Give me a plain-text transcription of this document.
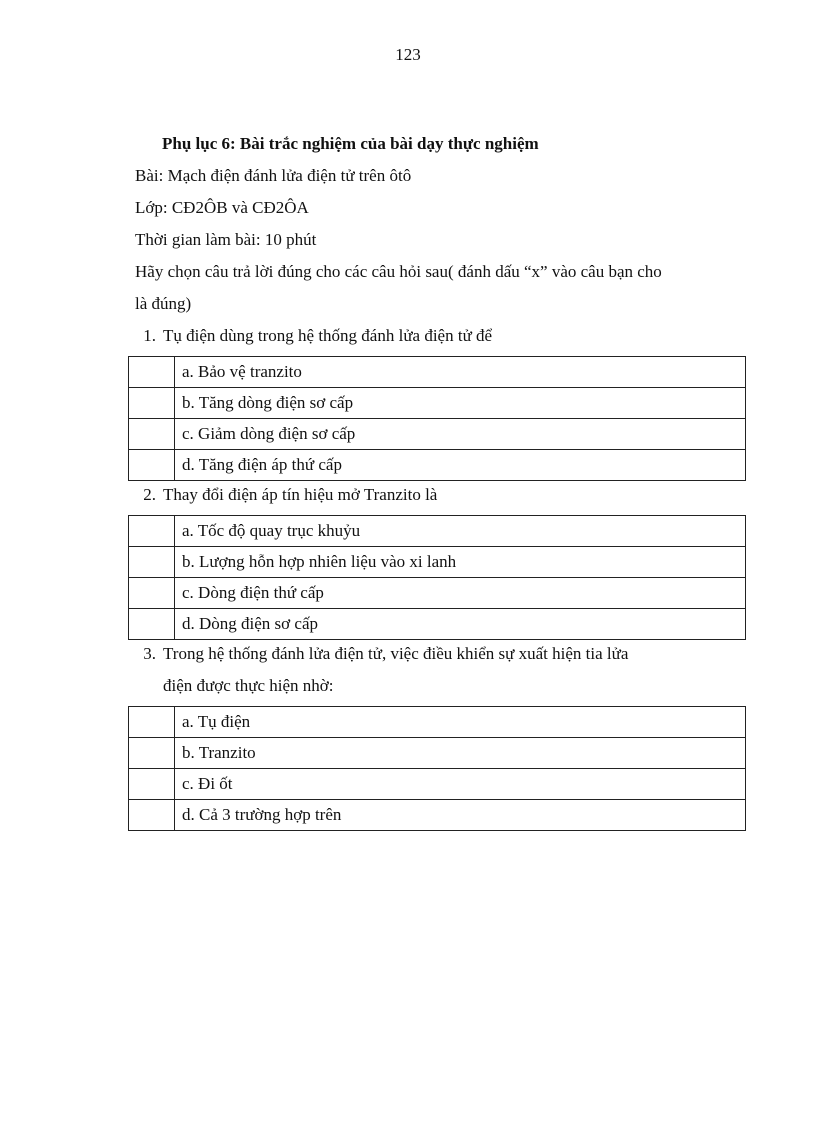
123
Phụ lục 6: Bài trắc nghiệm của bài dạy thực nghiệm
Bài: Mạch điện đánh lửa điện tử trên ôtô
Lớp: CĐ2ÔB và CĐ2ÔA
Thời gian làm bài: 10 phút
Hãy chọn câu trả lời đúng cho các câu hỏi sau( đánh dấu “x” vào câu bạn cho
là đúng)
1. Tụ điện dùng trong hệ thống đánh lửa điện tử để
	a. Bảo vệ tranzito
	b. Tăng dòng điện sơ cấp
	c. Giảm dòng điện sơ cấp
	d. Tăng điện áp thứ cấp
2. Thay đổi điện áp tín hiệu mở Tranzito là
	a. Tốc độ quay trục khuỷu
	b. Lượng hỗn hợp nhiên liệu vào xi lanh
	c. Dòng điện thứ cấp
	d. Dòng điện sơ cấp
3. Trong hệ thống đánh lửa điện tử, việc điều khiển sự xuất hiện tia lửa
điện được thực hiện nhờ:
	a. Tụ điện
	b. Tranzito
	c. Đi ốt
	d. Cả 3 trường hợp trên
